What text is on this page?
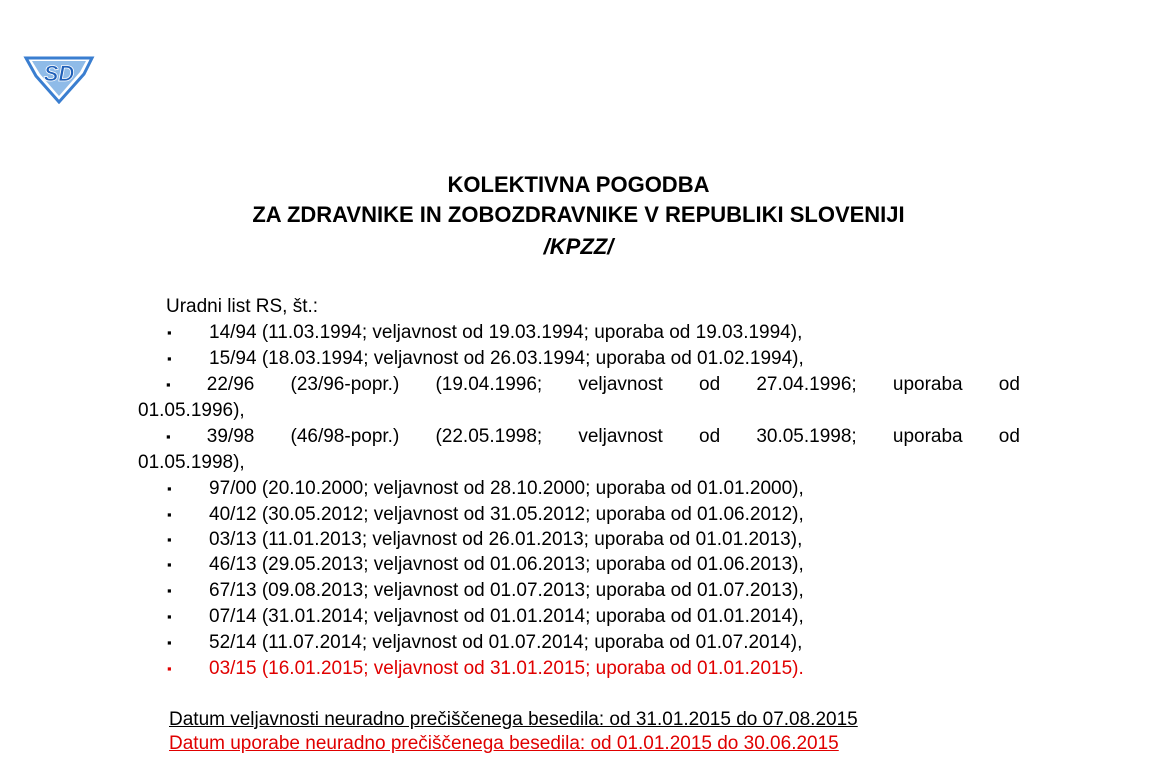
SD
KOLEKTIVNA POGODBA
ZA ZDRAVNIKE IN ZOBOZDRAVNIKE V REPUBLIKI SLOVENIJI
/KPZZ/
Uradni list RS, št.:
▪ 14/94 (11.03.1994; veljavnost od 19.03.1994; uporaba od 19.03.1994),
▪ 15/94 (18.03.1994; veljavnost od 26.03.1994; uporaba od 01.02.1994),
▪ 22/96 (23/96-popr.) (19.04.1996; veljavnost od 27.04.1996; uporaba od
01.05.1996),
▪ 39/98 (46/98-popr.) (22.05.1998; veljavnost od 30.05.1998; uporaba od
01.05.1998),
▪ 97/00 (20.10.2000; veljavnost od 28.10.2000; uporaba od 01.01.2000),
▪ 40/12 (30.05.2012; veljavnost od 31.05.2012; uporaba od 01.06.2012),
▪ 03/13 (11.01.2013; veljavnost od 26.01.2013; uporaba od 01.01.2013),
▪ 46/13 (29.05.2013; veljavnost od 01.06.2013; uporaba od 01.06.2013),
▪ 67/13 (09.08.2013; veljavnost od 01.07.2013; uporaba od 01.07.2013),
▪ 07/14 (31.01.2014; veljavnost od 01.01.2014; uporaba od 01.01.2014),
▪ 52/14 (11.07.2014; veljavnost od 01.07.2014; uporaba od 01.07.2014),
▪ 03/15 (16.01.2015; veljavnost od 31.01.2015; uporaba od 01.01.2015).
Datum veljavnosti neuradno prečiščenega besedila: od 31.01.2015 do 07.08.2015
Datum uporabe neuradno prečiščenega besedila: od 01.01.2015 do 30.06.2015
